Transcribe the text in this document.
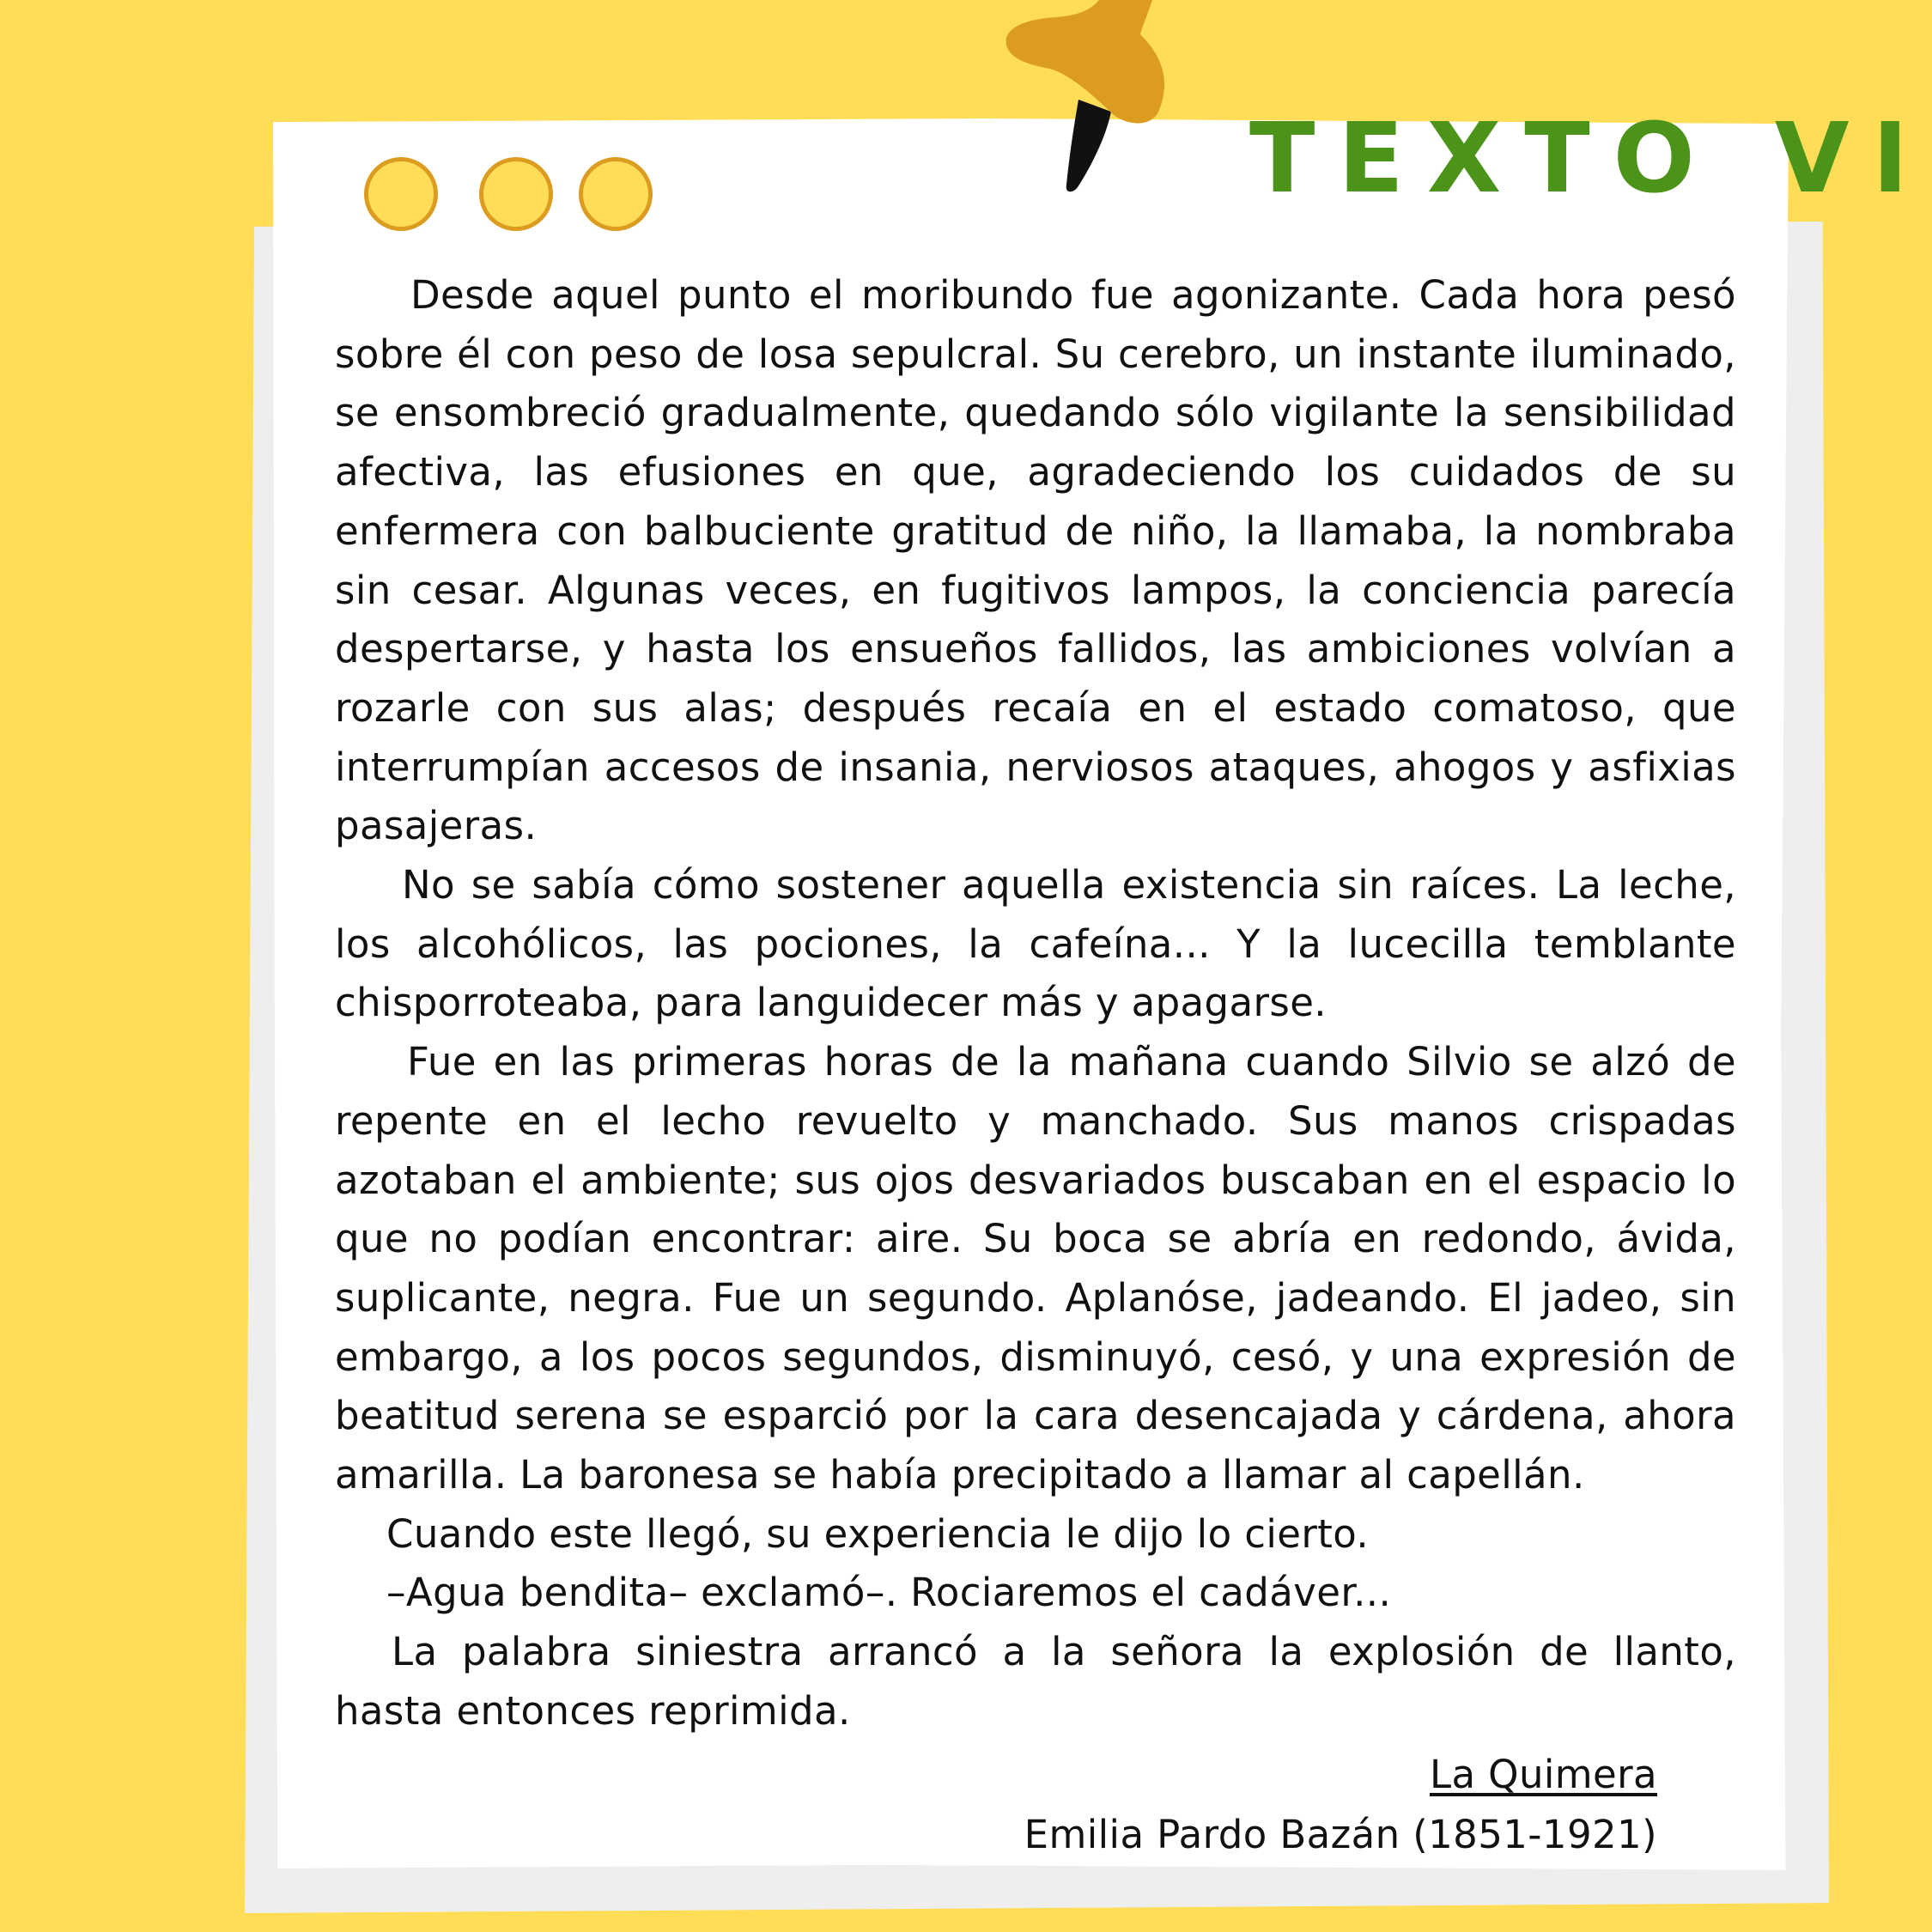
TEXTO VI

Desde aquel punto el moribundo fue agonizante. Cada hora pesó sobre él con peso de losa sepulcral. Su cerebro, un instante iluminado, se ensombreció gradualmente, quedando sólo vigilante la sensibilidad afectiva, las efusiones en que, agradeciendo los cuidados de su enfermera con balbuciente gratitud de niño, la llamaba, la nombraba sin cesar. Algunas veces, en fugitivos lampos, la conciencia parecía despertarse, y hasta los ensueños fallidos, las ambiciones volvían a rozarle con sus alas; después recaía en el estado comatoso, que interrumpían accesos de insania, nerviosos ataques, ahogos y asfixias pasajeras.

No se sabía cómo sostener aquella existencia sin raíces. La leche, los alcohólicos, las pociones, la cafeína... Y la lucecilla temblante chisporroteaba, para languidecer más y apagarse.

Fue en las primeras horas de la mañana cuando Silvio se alzó de repente en el lecho revuelto y manchado. Sus manos crispadas azotaban el ambiente; sus ojos desvariados buscaban en el espacio lo que no podían encontrar: aire. Su boca se abría en redondo, ávida, suplicante, negra. Fue un segundo. Aplanóse, jadeando. El jadeo, sin embargo, a los pocos segundos, disminuyó, cesó, y una expresión de beatitud serena se esparció por la cara desencajada y cárdena, ahora amarilla. La baronesa se había precipitado a llamar al capellán.

Cuando este llegó, su experiencia le dijo lo cierto.

–Agua bendita– exclamó–. Rociaremos el cadáver...

La palabra siniestra arrancó a la señora la explosión de llanto, hasta entonces reprimida.

La Quimera
Emilia Pardo Bazán (1851-1921)
